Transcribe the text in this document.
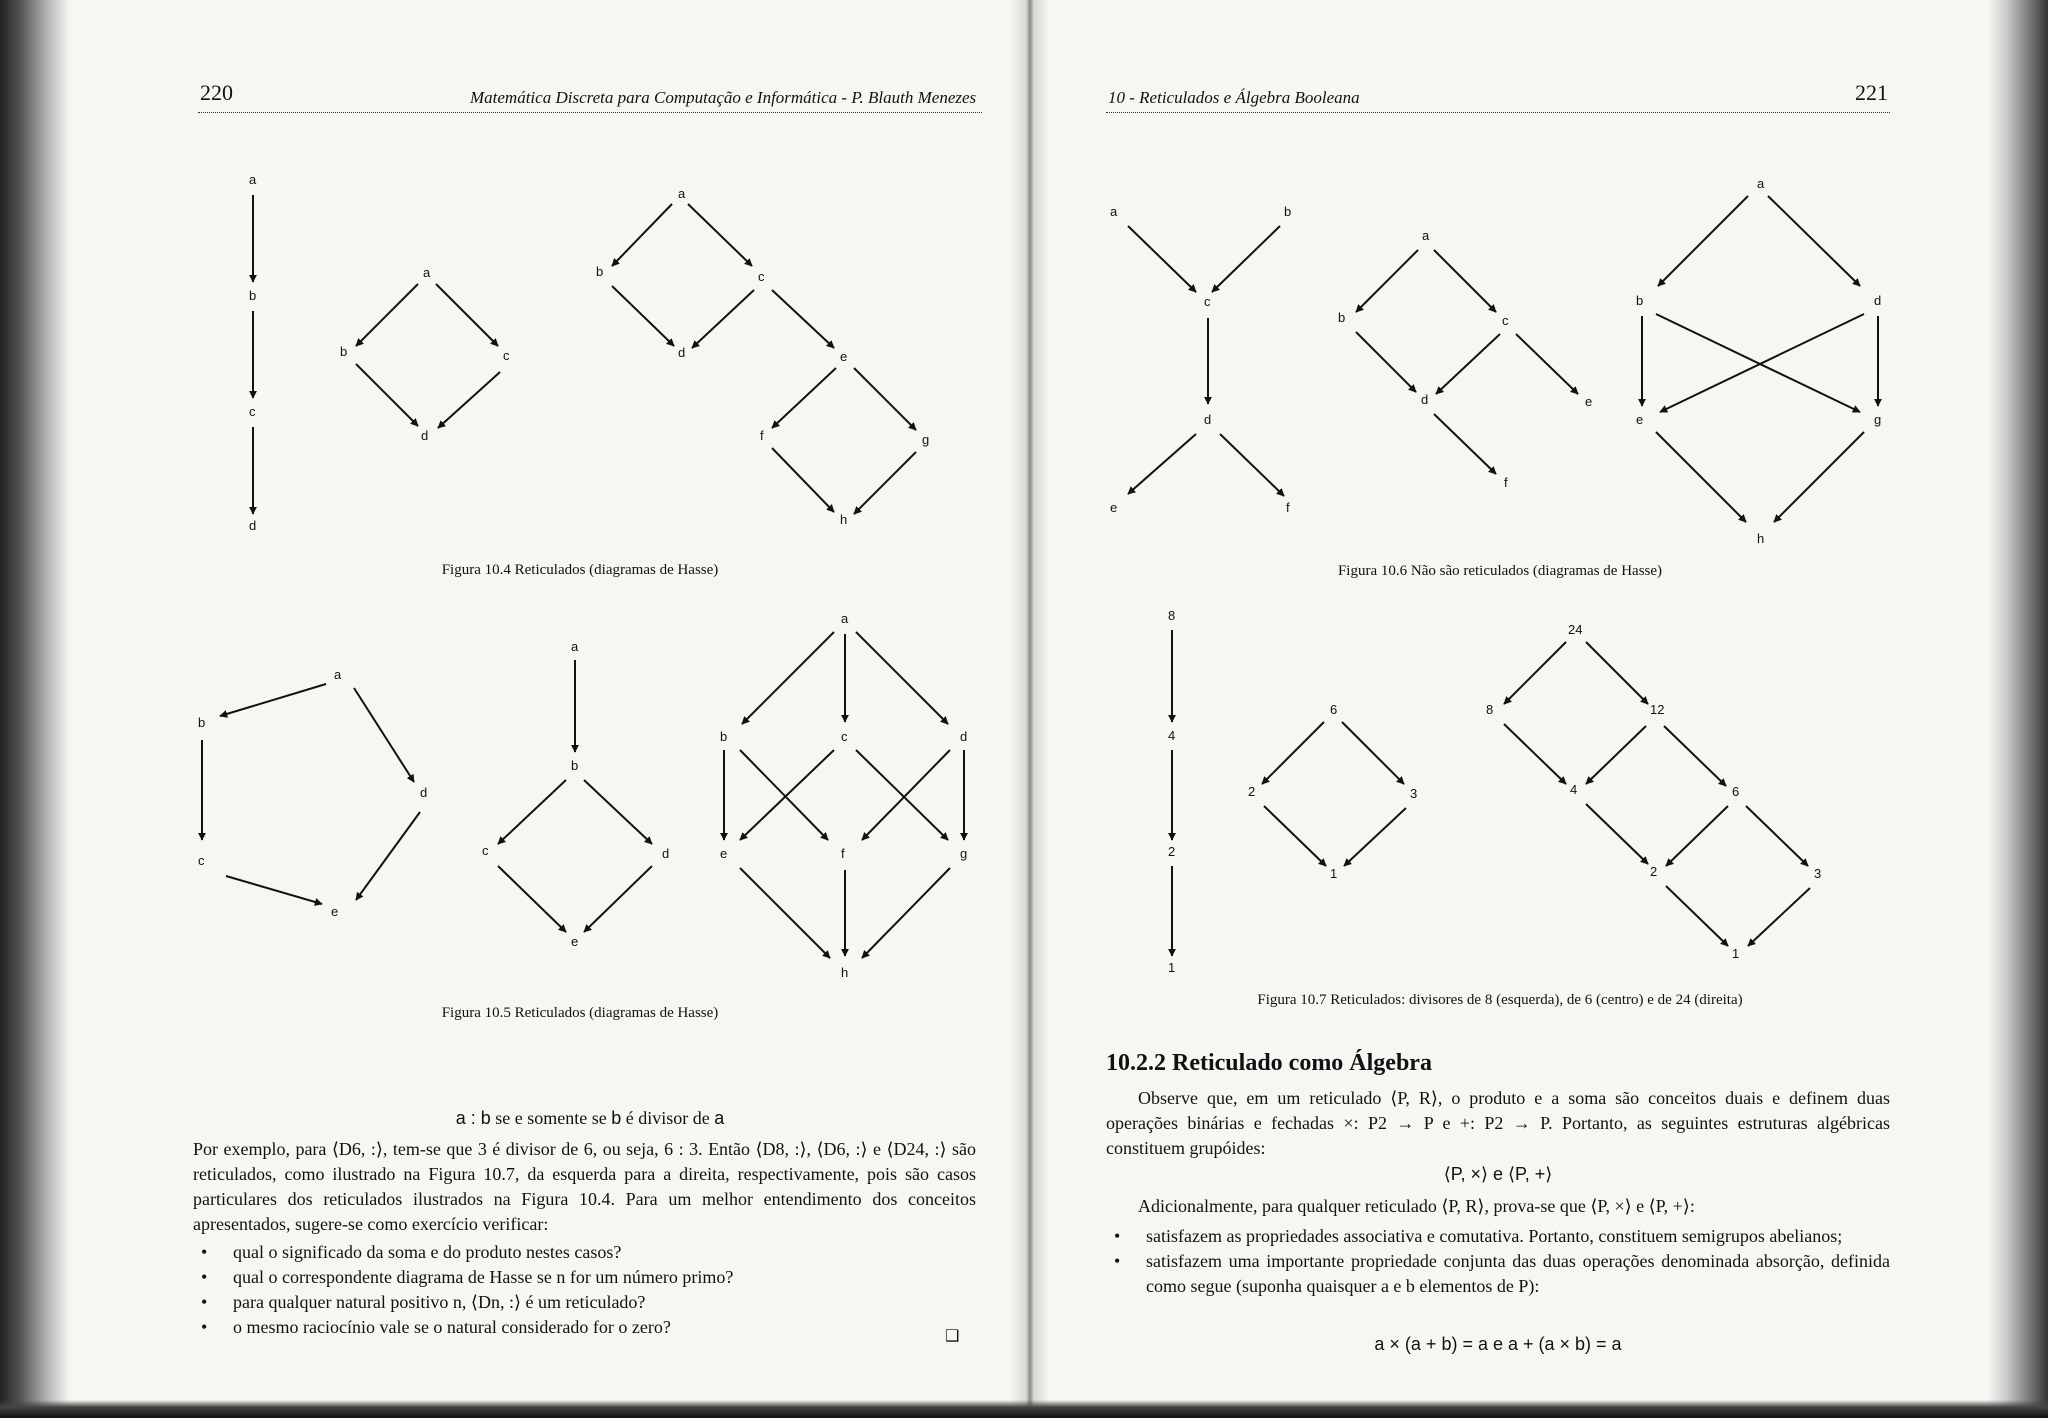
220	Matemática Discreta para Computação e Informática - P. Blauth Menezes	10 - Reticulados e Álgebra Booleana	221
a
b
c
d
a
b	c
d
a
b	c
d	e
f	g
h
Figura 10.4 Reticulados (diagramas de Hasse)
a
b
d
c
e
a
b
c	d
e
a
b	c	d
e	f	g
h
Figura 10.5 Reticulados (diagramas de Hasse)
a : b se e somente se b é divisor de a
Por exemplo, para ⟨D6, :⟩, tem-se que 3 é divisor de 6, ou seja, 6 : 3. Então ⟨D8, :⟩, ⟨D6, :⟩ e ⟨D24, :⟩ são reticulados, como ilustrado na Figura 10.7, da esquerda para a direita, respectivamente, pois são casos particulares dos reticulados ilustrados na Figura 10.4. Para um melhor entendimento dos conceitos apresentados, sugere-se como exercício verificar:
• qual o significado da soma e do produto nestes casos?
• qual o correspondente diagrama de Hasse se n for um número primo?
• para qualquer natural positivo n, ⟨Dn, :⟩ é um reticulado?
• o mesmo raciocínio vale se o natural considerado for o zero?	❑
a	b
c
d
e	f
a
b	c
d	e
f
a
b	d
e	g
h
Figura 10.6 Não são reticulados (diagramas de Hasse)
8
4
2
1
6
2	3
1
24
8	12
4	6
2	3
1
Figura 10.7 Reticulados: divisores de 8 (esquerda), de 6 (centro) e de 24 (direita)
10.2.2 Reticulado como Álgebra
Observe que, em um reticulado ⟨P, R⟩, o produto e a soma são conceitos duais e definem duas operações binárias e fechadas ×: P2 → P e +: P2 → P. Portanto, as seguintes estruturas algébricas constituem grupóides:
⟨P, ×⟩ e ⟨P, +⟩
Adicionalmente, para qualquer reticulado ⟨P, R⟩, prova-se que ⟨P, ×⟩ e ⟨P, +⟩:
• satisfazem as propriedades associativa e comutativa. Portanto, constituem semigrupos abelianos;
• satisfazem uma importante propriedade conjunta das duas operações denominada absorção, definida como segue (suponha quaisquer a e b elementos de P):
a × (a + b) = a e a + (a × b) = a
